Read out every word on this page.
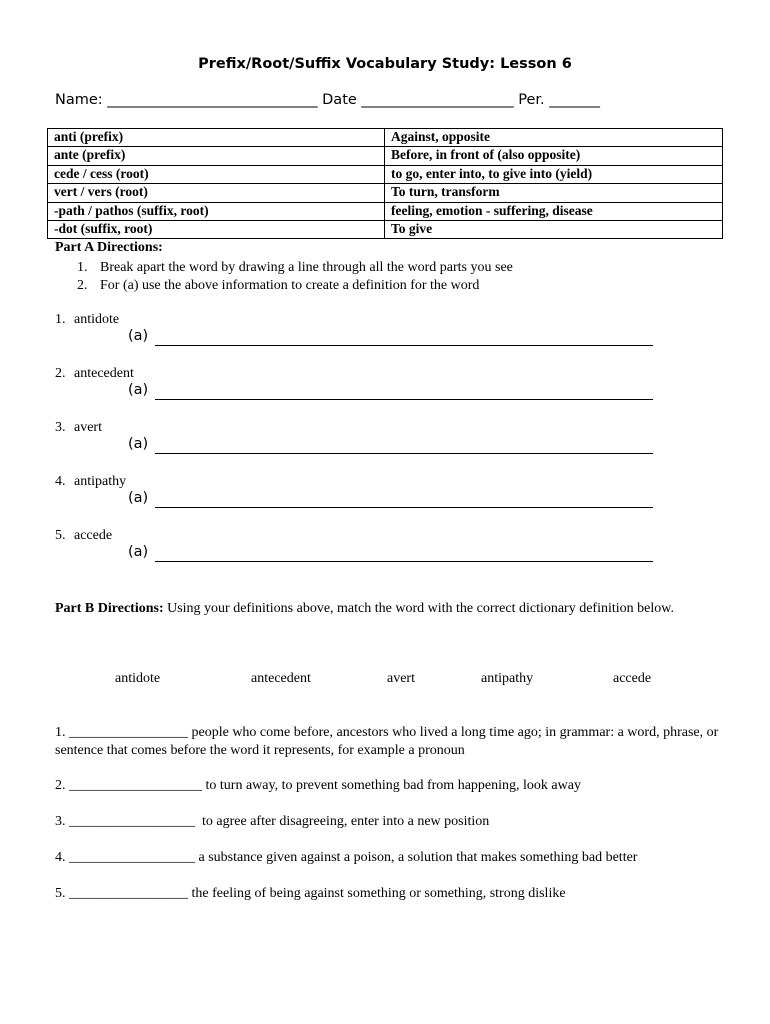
Prefix/Root/Suffix Vocabulary Study: Lesson 6
Name: _____________________________ Date _____________________ Per. _______
anti (prefix)	Against, opposite
ante (prefix)	Before, in front of (also opposite)
cede / cess (root)	to go, enter into, to give into (yield)
vert / vers (root)	To turn, transform
-path / pathos (suffix, root)	feeling, emotion - suffering, disease
-dot (suffix, root)	To give
Part A Directions:
1. Break apart the word by drawing a line through all the word parts you see
2. For (a) use the above information to create a definition for the word
1. antidote
(a)
2. antecedent
(a)
3. avert
(a)
4. antipathy
(a)
5. accede
(a)
Part B Directions: Using your definitions above, match the word with the correct dictionary definition below.
antidote	antecedent	avert	antipathy	accede
1. _________________ people who come before, ancestors who lived a long time ago; in grammar: a word, phrase, or sentence that comes before the word it represents, for example a pronoun
2. ___________________ to turn away, to prevent something bad from happening, look away
3. __________________  to agree after disagreeing, enter into a new position
4. __________________ a substance given against a poison, a solution that makes something bad better
5. _________________ the feeling of being against something or something, strong dislike
